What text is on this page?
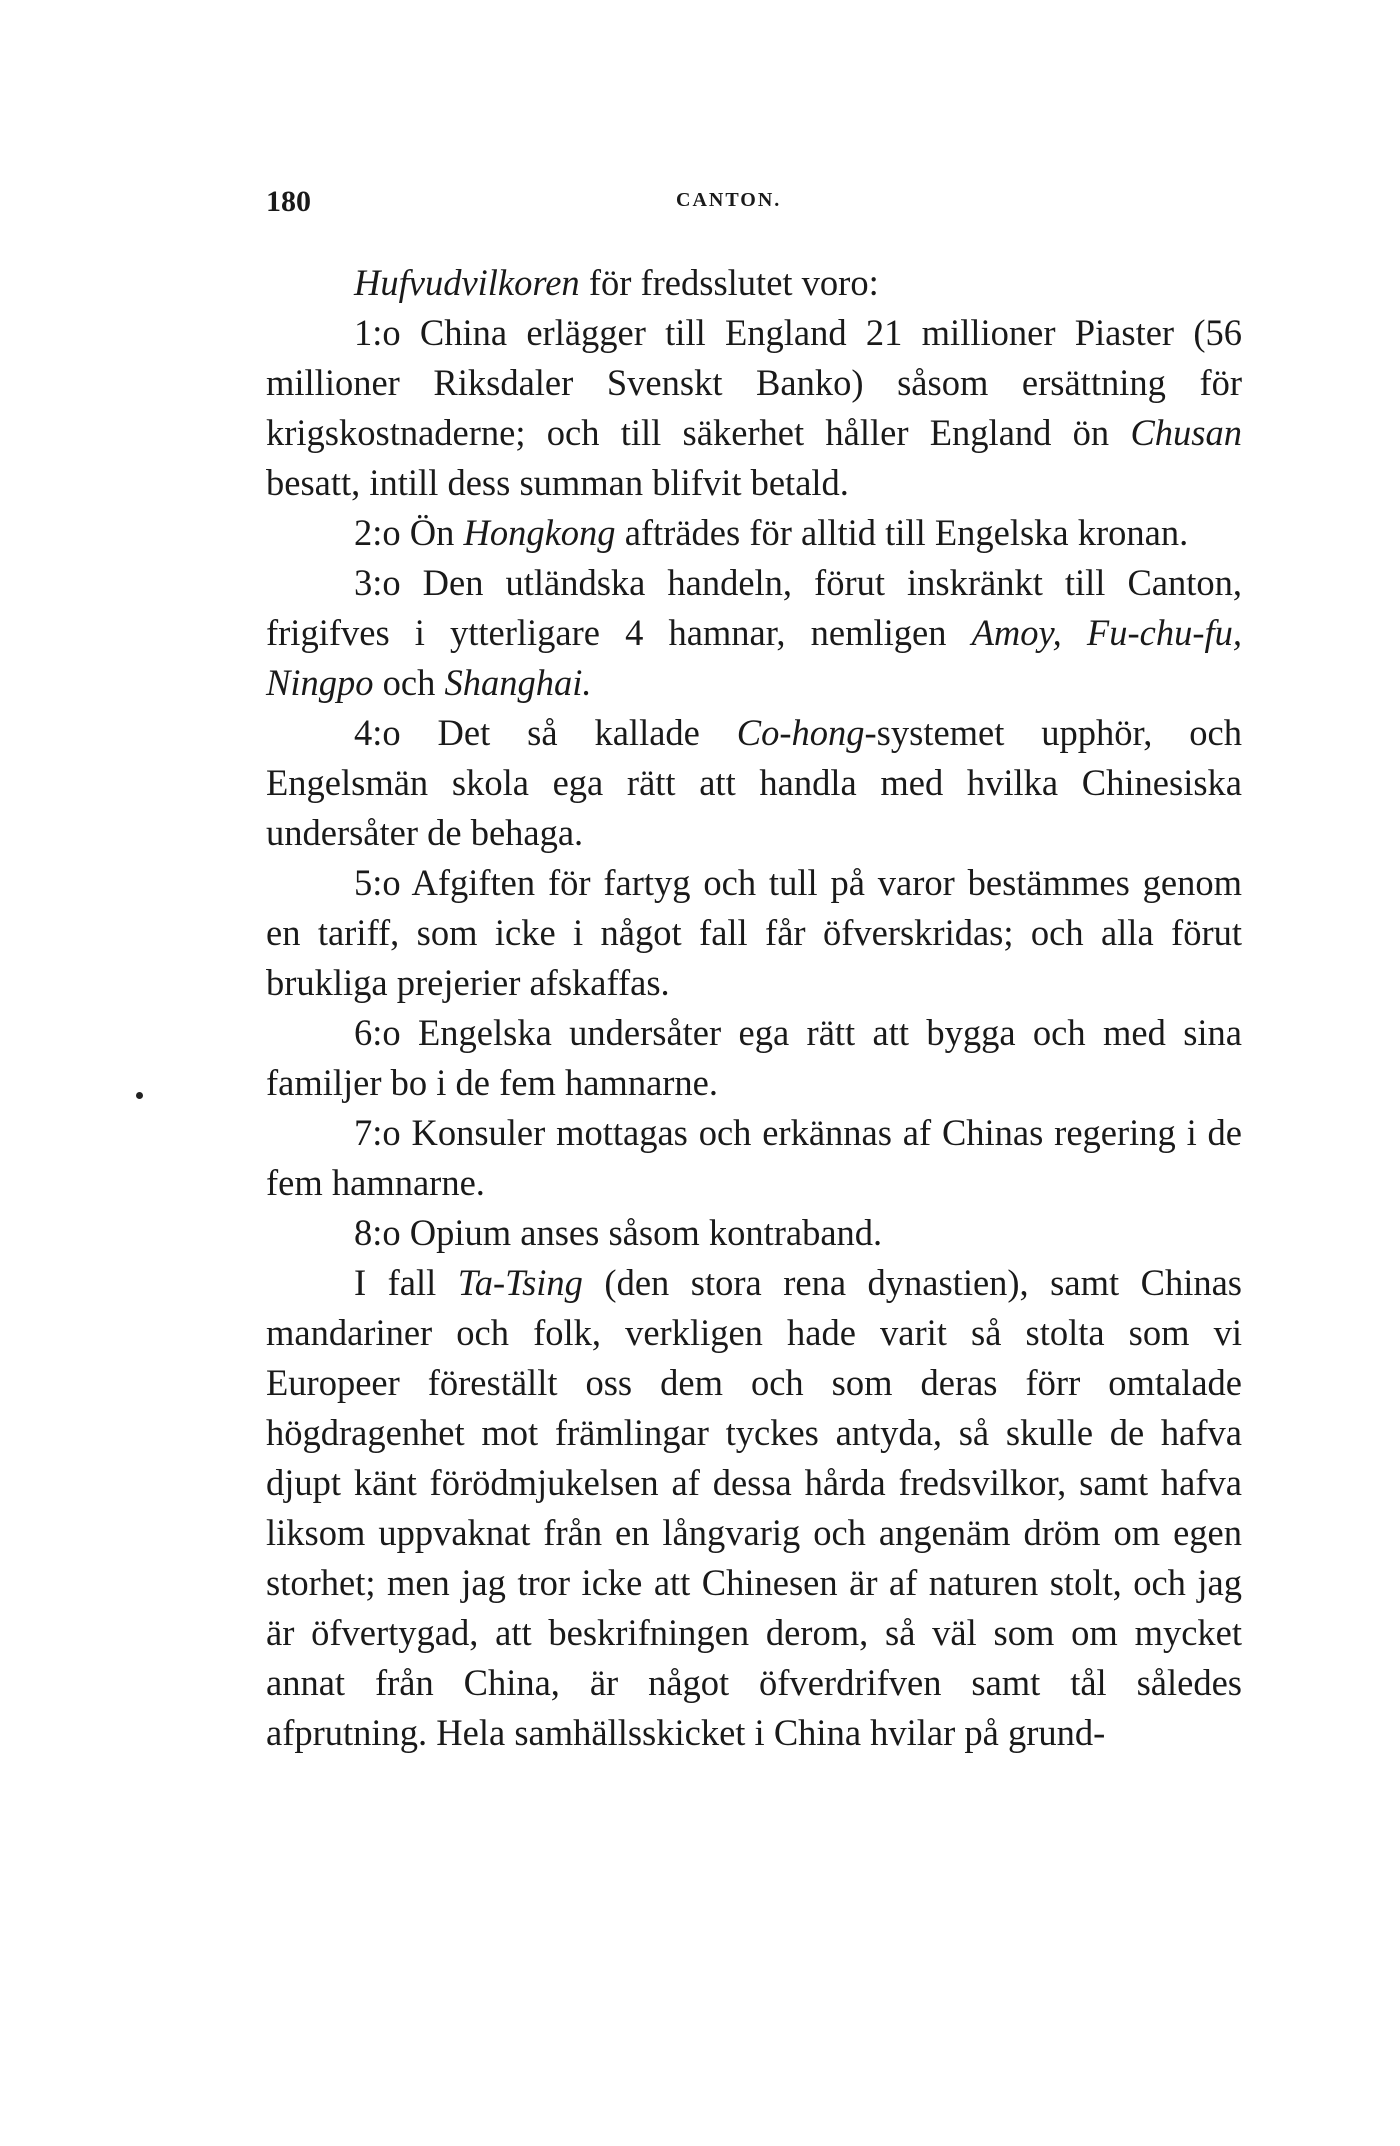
180	CANTON.

Hufvudvilkoren för fredsslutet voro:

1:o China erlägger till England 21 millioner Piaster (56 millioner Riksdaler Svenskt Banko) såsom ersättning för krigskostnaderne; och till säkerhet håller England ön Chusan besatt, intill dess summan blifvit betald.

2:o Ön Hongkong afträdes för alltid till Engelska kronan.

3:o Den utländska handeln, förut inskränkt till Canton, frigifves i ytterligare 4 hamnar, nemligen Amoy, Fu-chu-fu, Ningpo och Shanghai.

4:o Det så kallade Co-hong-systemet upphör, och Engelsmän skola ega rätt att handla med hvilka Chinesiska undersåter de behaga.

5:o Afgiften för fartyg och tull på varor bestämmes genom en tariff, som icke i något fall får öfverskridas; och alla förut brukliga prejerier afskaffas.

6:o Engelska undersåter ega rätt att bygga och med sina familjer bo i de fem hamnarne.

7:o Konsuler mottagas och erkännas af Chinas regering i de fem hamnarne.

8:o Opium anses såsom kontraband.

I fall Ta-Tsing (den stora rena dynastien), samt Chinas mandariner och folk, verkligen hade varit så stolta som vi Europeer föreställt oss dem och som deras förr omtalade högdragenhet mot främlingar tyckes antyda, så skulle de hafva djupt känt förödmjukelsen af dessa hårda fredsvilkor, samt hafva liksom uppvaknat från en långvarig och angenäm dröm om egen storhet; men jag tror icke att Chinesen är af naturen stolt, och jag är öfvertygad, att beskrifningen derom, så väl som om mycket annat från China, är något öfverdrifven samt tål således afprutning. Hela samhällsskicket i China hvilar på grund-
